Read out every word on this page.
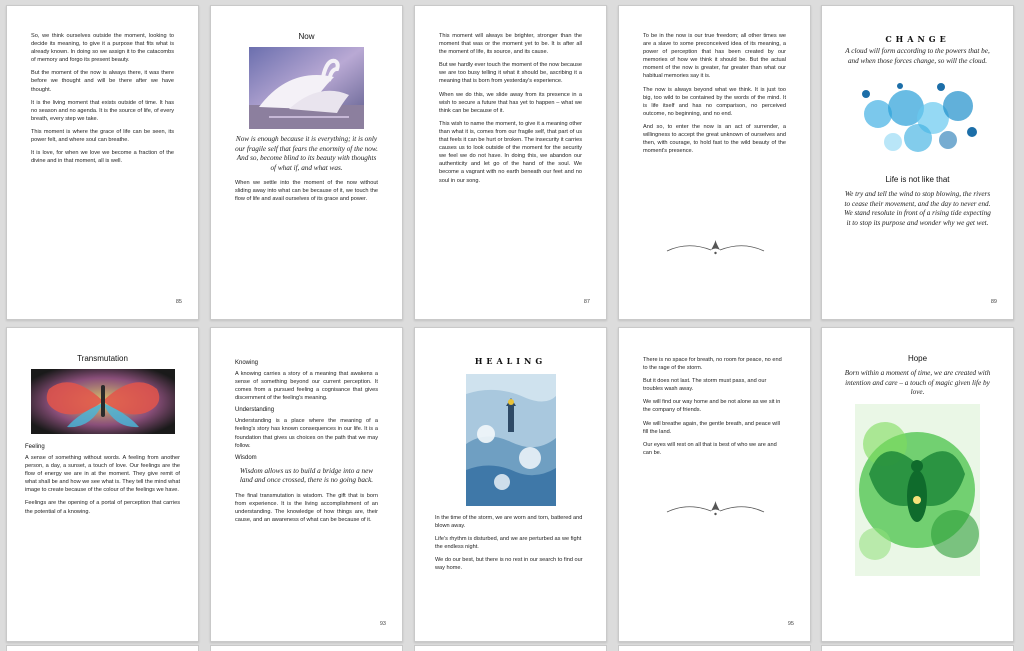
So, we think ourselves outside the moment, looking to decide its meaning, to give it a purpose that fits what is already known. In doing so we assign it to the catacombs of memory and forgo its present beauty.

But the moment of the now is always there, it was there before we thought and will be there after we have thought.

It is the living moment that exists outside of time. It has no season and no agenda. It is the source of life, of every breath, every step we take.

This moment is where the grace of life can be seen, its power felt, and where soul can breathe.

It is love, for when we love we become a fraction of the divine and in that moment, all is well.

85
Now
Now is enough because it is everything; it is only our fragile self that fears the enormity of the now. And so, become blind to its beauty with thoughts of what if, and what was.

When we settle into the moment of the now without sliding away into what can be because of it, we touch the flow of life and avail ourselves of its grace and power.

This moment will always be brighter, stronger than the moment that was or the moment yet to be. It is after all the moment of life, its source, and its cause.

But we hardly ever touch the moment of the now because we are too busy telling it what it should be, ascribing it a meaning that is born from yesterday's experience.

When we do this, we slide away from its presence in a wish to secure a future that has yet to happen – what we think can be because of it.

This wish to name the moment, to give it a meaning other than what it is, comes from our fragile self, that part of us that feels it can be hurt or broken. The insecurity it carries causes us to look outside of the moment for the security we feel we do not have. In doing this, we abandon our authenticity and let go of the hand of the soul. We become a vagrant with no earth beneath our feet and no soul in our song.

87

To be in the now is our true freedom; all other times we are a slave to some preconceived idea of its meaning, a power of perception that has been created by our memories of how we think it should be. But the actual moment of the now is greater, far greater than what our habitual memories say it is.

The now is always beyond what we think. It is just too big, too wild to be contained by the words of the mind. It is life itself and has no comparison, no perceived outcome, no beginning, and no end.

And so, to enter the now is an act of surrender, a willingness to accept the great unknown of ourselves and then, with courage, to hold fast to the wild beauty of the moment's presence.

CHANGE
A cloud will form according to the powers that be, and when those forces change, so will the cloud.
Life is not like that
We try and tell the wind to stop blowing, the rivers to cease their movement, and the day to never end. We stand resolute in front of a rising tide expecting it to stop its purpose and wonder why we get wet.
89
Transmutation
Feeling

A sense of something without words. A feeling from another person, a day, a sunset, a touch of love. Our feelings are the flow of energy we are in at the moment. They give remit of what shall be and how we see what is. They tell the mind what image to create because of the colour of the feelings we have.

Feelings are the opening of a portal of perception that carries the potential of a knowing.

Knowing

A knowing carries a story of a meaning that awakens a sense of something beyond our current perception. It comes from a pursued feeling a cognisance that gives discernment of the feeling's meaning.

Understanding

Understanding is a place where the meaning of a feeling's story has known consequences in our life. It is a foundation that gives us choices on the path that we may follow.

Wisdom
Wisdom allows us to build a bridge into a new land and once crossed, there is no going back.

The final transmutation is wisdom. The gift that is born from experience. It is the living accomplishment of an understanding. The knowledge of how things are, their cause, and an awareness of what can be because of it.

93
HEALING

In the time of the storm, we are worn and torn, battered and blown away.

Life's rhythm is disturbed, and we are perturbed as we fight the endless night.

We do our best, but there is no rest in our search to find our way home.

There is no space for breath, no room for peace, no end to the rage of the storm.

But it does not last. The storm must pass, and our troubles wash away.

We will find our way home and be not alone as we sit in the company of friends.

We will breathe again, the gentle breath, and peace will fill the land.

Our eyes will rest on all that is best of who we are and can be.

95
Hope
Born within a moment of time, we are created with intention and care – a touch of magic given life by love.
